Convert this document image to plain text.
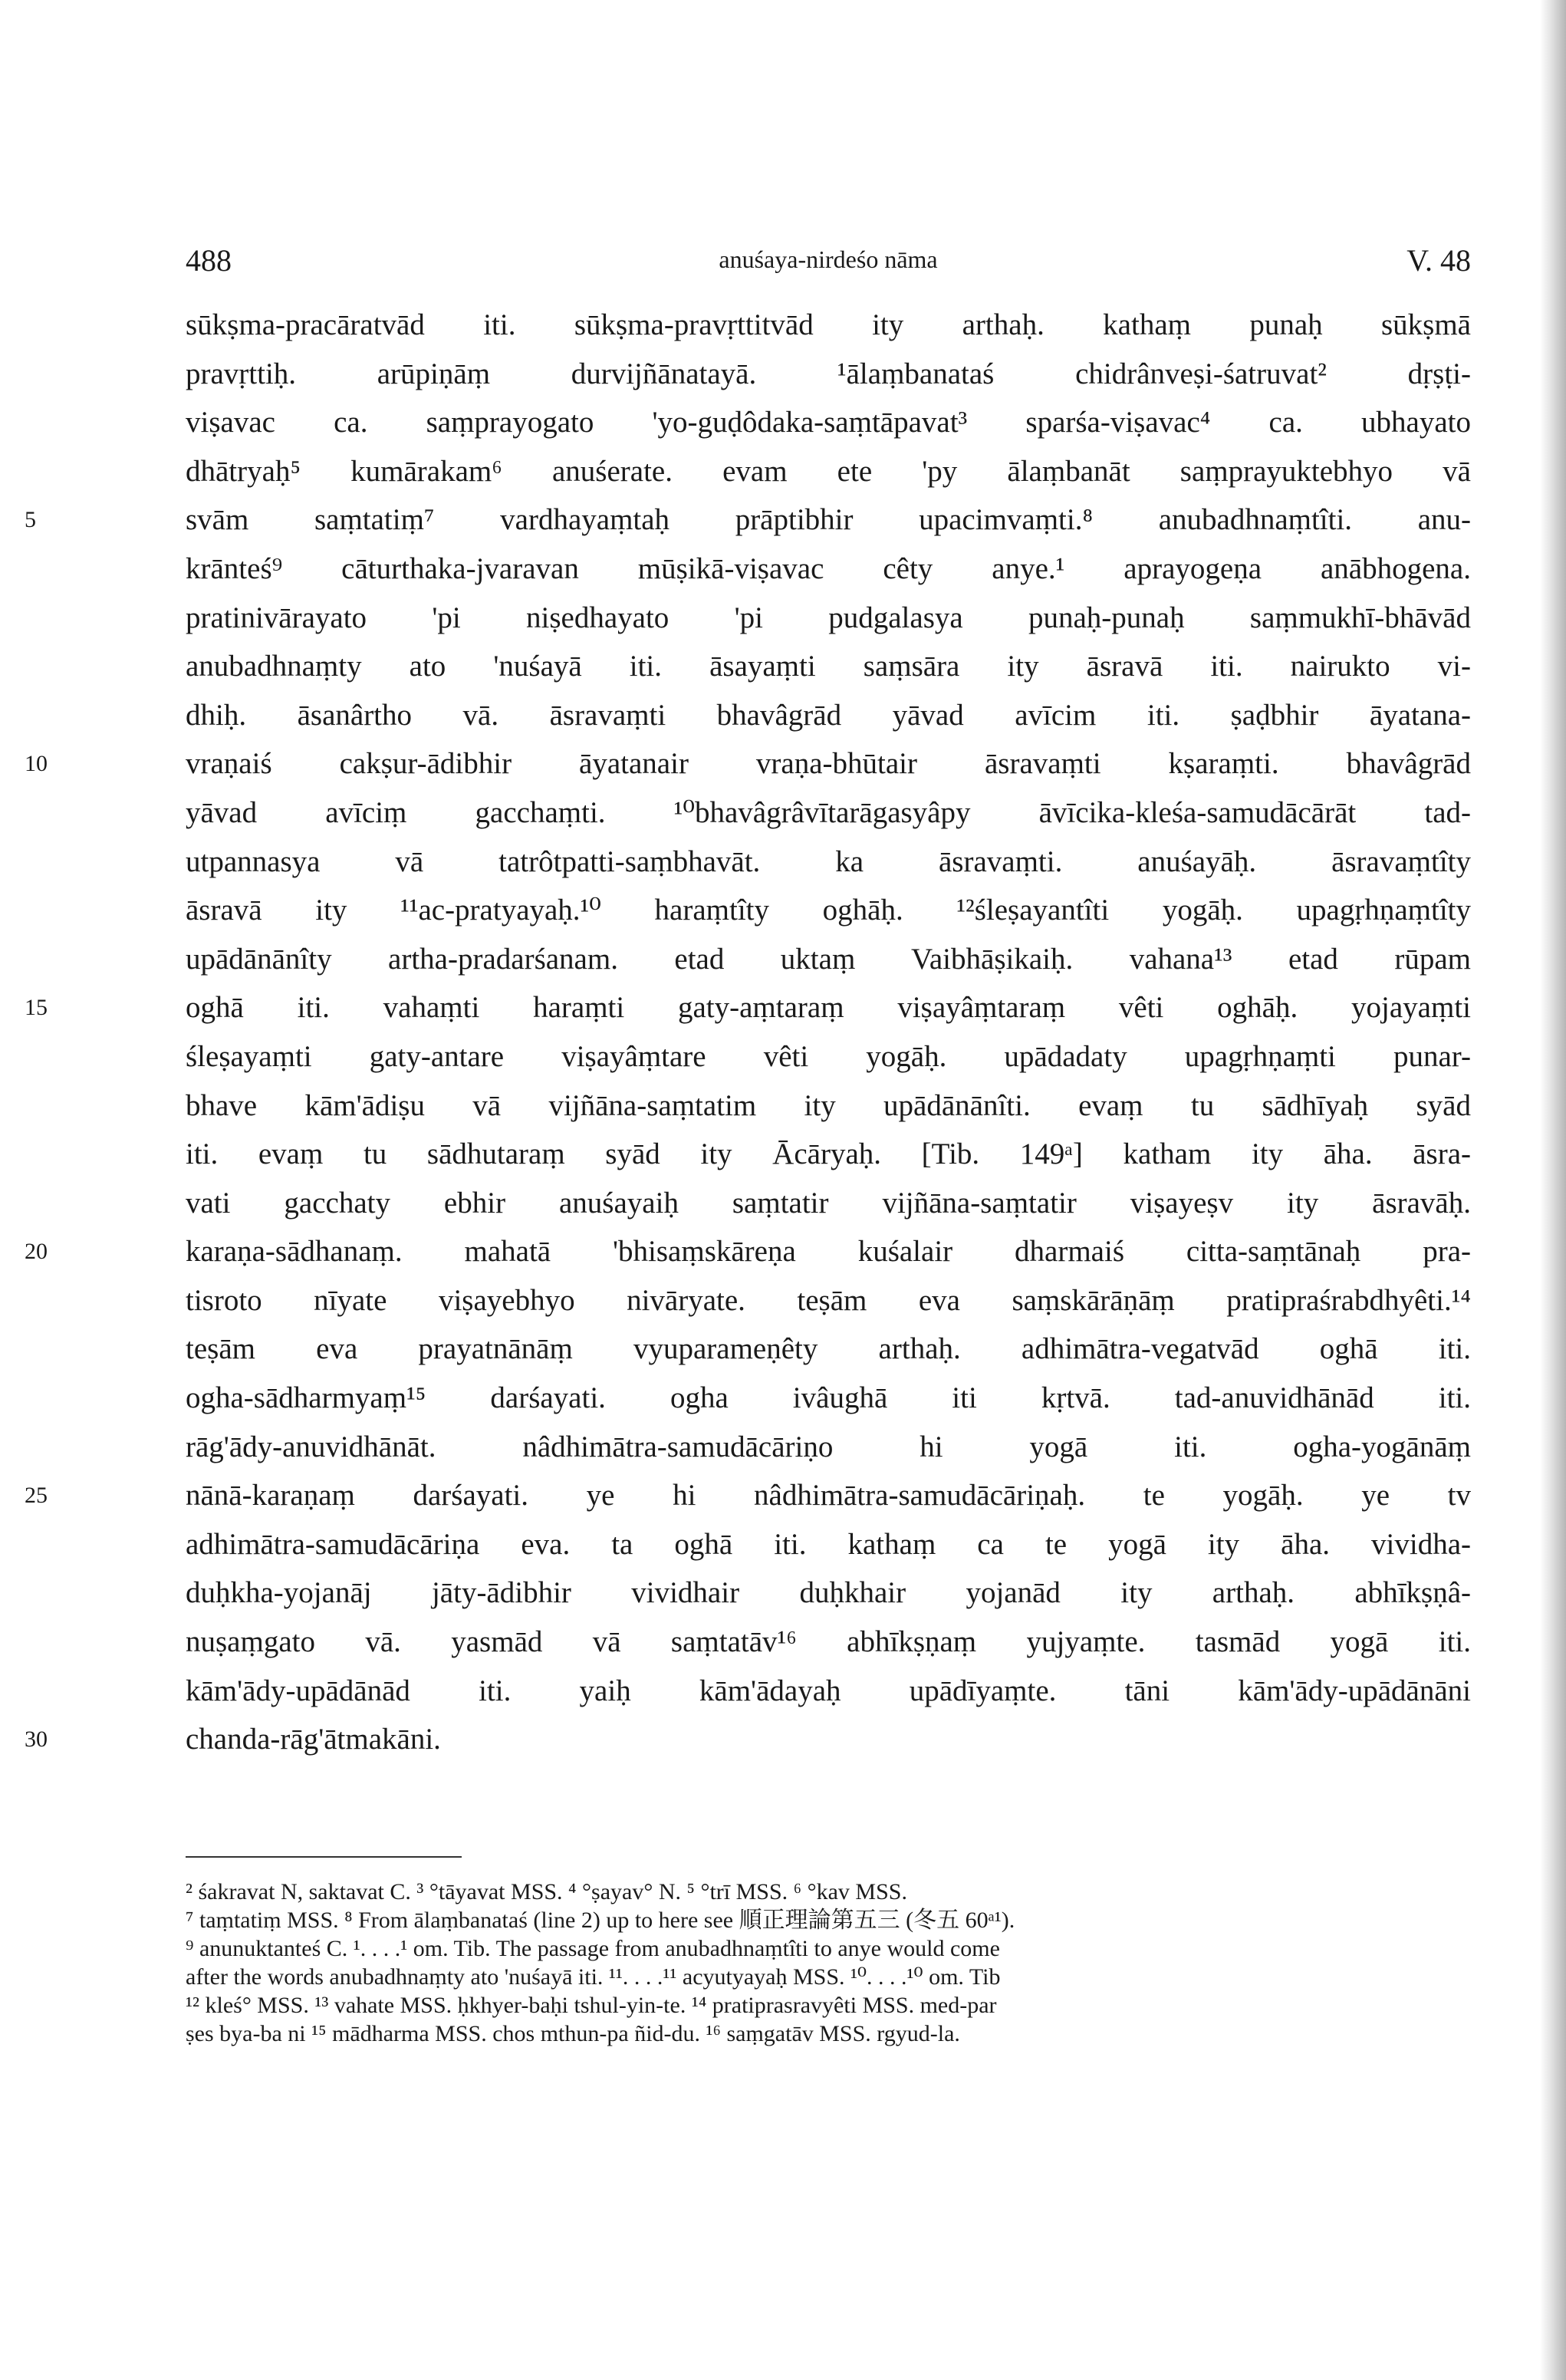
488	anuśaya-nirdeśo nāma	V. 48
sūkṣma-pracāratvād iti. sūkṣma-pravṛttitvād ity arthaḥ. kathaṃ punaḥ sūkṣmā
pravṛttiḥ. arūpiṇāṃ durvijñānatayā. ¹ālaṃbanataś chidrânveṣi-śatruvat² dṛṣṭi-
viṣavac ca. saṃprayogato 'yo-guḍôdaka-saṃtāpavat³ sparśa-viṣavac⁴ ca. ubhayato
dhātryaḥ⁵ kumārakam⁶ anuśerate. evam ete 'py ālaṃbanāt saṃprayuktebhyo vā
5	svām saṃtatiṃ⁷ vardhayaṃtaḥ prāptibhir upacimvaṃti.⁸ anubadhnaṃtîti. anu-
krānteś⁹ cāturthaka-jvaravan mūṣikā-viṣavac cêty anye.¹ aprayogeṇa anābhogena.
pratinivārayato 'pi niṣedhayato 'pi pudgalasya punaḥ-punaḥ saṃmukhī-bhāvād
anubadhnaṃty ato 'nuśayā iti. āsayaṃti saṃsāra ity āsravā iti. nairukto vi-
dhiḥ. āsanârtho vā. āsravaṃti bhavâgrād yāvad avīcim iti. ṣaḍbhir āyatana-
10	vraṇaiś cakṣur-ādibhir āyatanair vraṇa-bhūtair āsravaṃti kṣaraṃti. bhavâgrād
yāvad avīciṃ gacchaṃti. ¹⁰bhavâgrâvītarāgasyâpy āvīcika-kleśa-samudācārāt tad-
utpannasya vā tatrôtpatti-saṃbhavāt. ka āsravaṃti. anuśayāḥ. āsravaṃtîty
āsravā ity ¹¹ac-pratyayaḥ.¹⁰ haraṃtîty oghāḥ. ¹²śleṣayantîti yogāḥ. upagṛhṇaṃtîty
upādānānîty artha-pradarśanam. etad uktaṃ Vaibhāṣikaiḥ. vahana¹³ etad rūpam
15	oghā iti. vahaṃti haraṃti gaty-aṃtaraṃ viṣayâṃtaraṃ vêti oghāḥ. yojayaṃti
śleṣayaṃti gaty-antare viṣayâṃtare vêti yogāḥ. upādadaty upagṛhṇaṃti punar-
bhave kām'ādiṣu vā vijñāna-saṃtatim ity upādānānîti. evaṃ tu sādhīyaḥ syād
iti. evaṃ tu sādhutaraṃ syād ity Ācāryaḥ. [Tib. 149ᵃ] katham ity āha. āsra-
vati gacchaty ebhir anuśayaiḥ saṃtatir vijñāna-saṃtatir viṣayeṣv ity āsravāḥ.
20	karaṇa-sādhanaṃ. mahatā 'bhisaṃskāreṇa kuśalair dharmaiś citta-saṃtānaḥ pra-
tisroto nīyate viṣayebhyo nivāryate. teṣām eva saṃskārāṇāṃ pratipraśrabdhyêti.¹⁴
teṣām eva prayatnānāṃ vyuparameṇêty arthaḥ. adhimātra-vegatvād oghā iti.
ogha-sādharmyaṃ¹⁵ darśayati. ogha ivâughā iti kṛtvā. tad-anuvidhānād iti.
rāg'ādy-anuvidhānāt. nâdhimātra-samudācāriṇo hi yogā iti. ogha-yogānāṃ
25	nānā-karaṇaṃ darśayati. ye hi nâdhimātra-samudācāriṇaḥ. te yogāḥ. ye tv
adhimātra-samudācāriṇa eva. ta oghā iti. kathaṃ ca te yogā ity āha. vividha-
duḥkha-yojanāj jāty-ādibhir vividhair duḥkhair yojanād ity arthaḥ. abhīkṣṇâ-
nuṣaṃgato vā. yasmād vā saṃtatāv¹⁶ abhīkṣṇaṃ yujyaṃte. tasmād yogā iti.
kām'ādy-upādānād iti. yaiḥ kām'ādayaḥ upādīyaṃte. tāni kām'ādy-upādānāni
30	chanda-rāg'ātmakāni.
² śakravat N, saktavat C. ³ °tāyavat MSS. ⁴ °ṣayav° N. ⁵ °trī MSS. ⁶ °kav MSS.
⁷ taṃtatiṃ MSS. ⁸ From ālaṃbanataś (line 2) up to here see 順正理論第五三 (冬五 60ᵃ¹).
⁹ anunuktanteś C. ¹. . . .¹ om. Tib. The passage from anubadhnaṃtîti to anye would come
after the words anubadhnaṃty ato 'nuśayā iti. ¹¹. . . .¹¹ acyutyayaḥ MSS. ¹⁰. . . .¹⁰ om. Tib
¹² kleś° MSS. ¹³ vahate MSS. ḥkhyer-baḥi tshul-yin-te. ¹⁴ pratiprasravyêti MSS. med-par
ṣes bya-ba ni ¹⁵ mādharma MSS. chos mthun-pa ñid-du. ¹⁶ saṃgatāv MSS. rgyud-la.
